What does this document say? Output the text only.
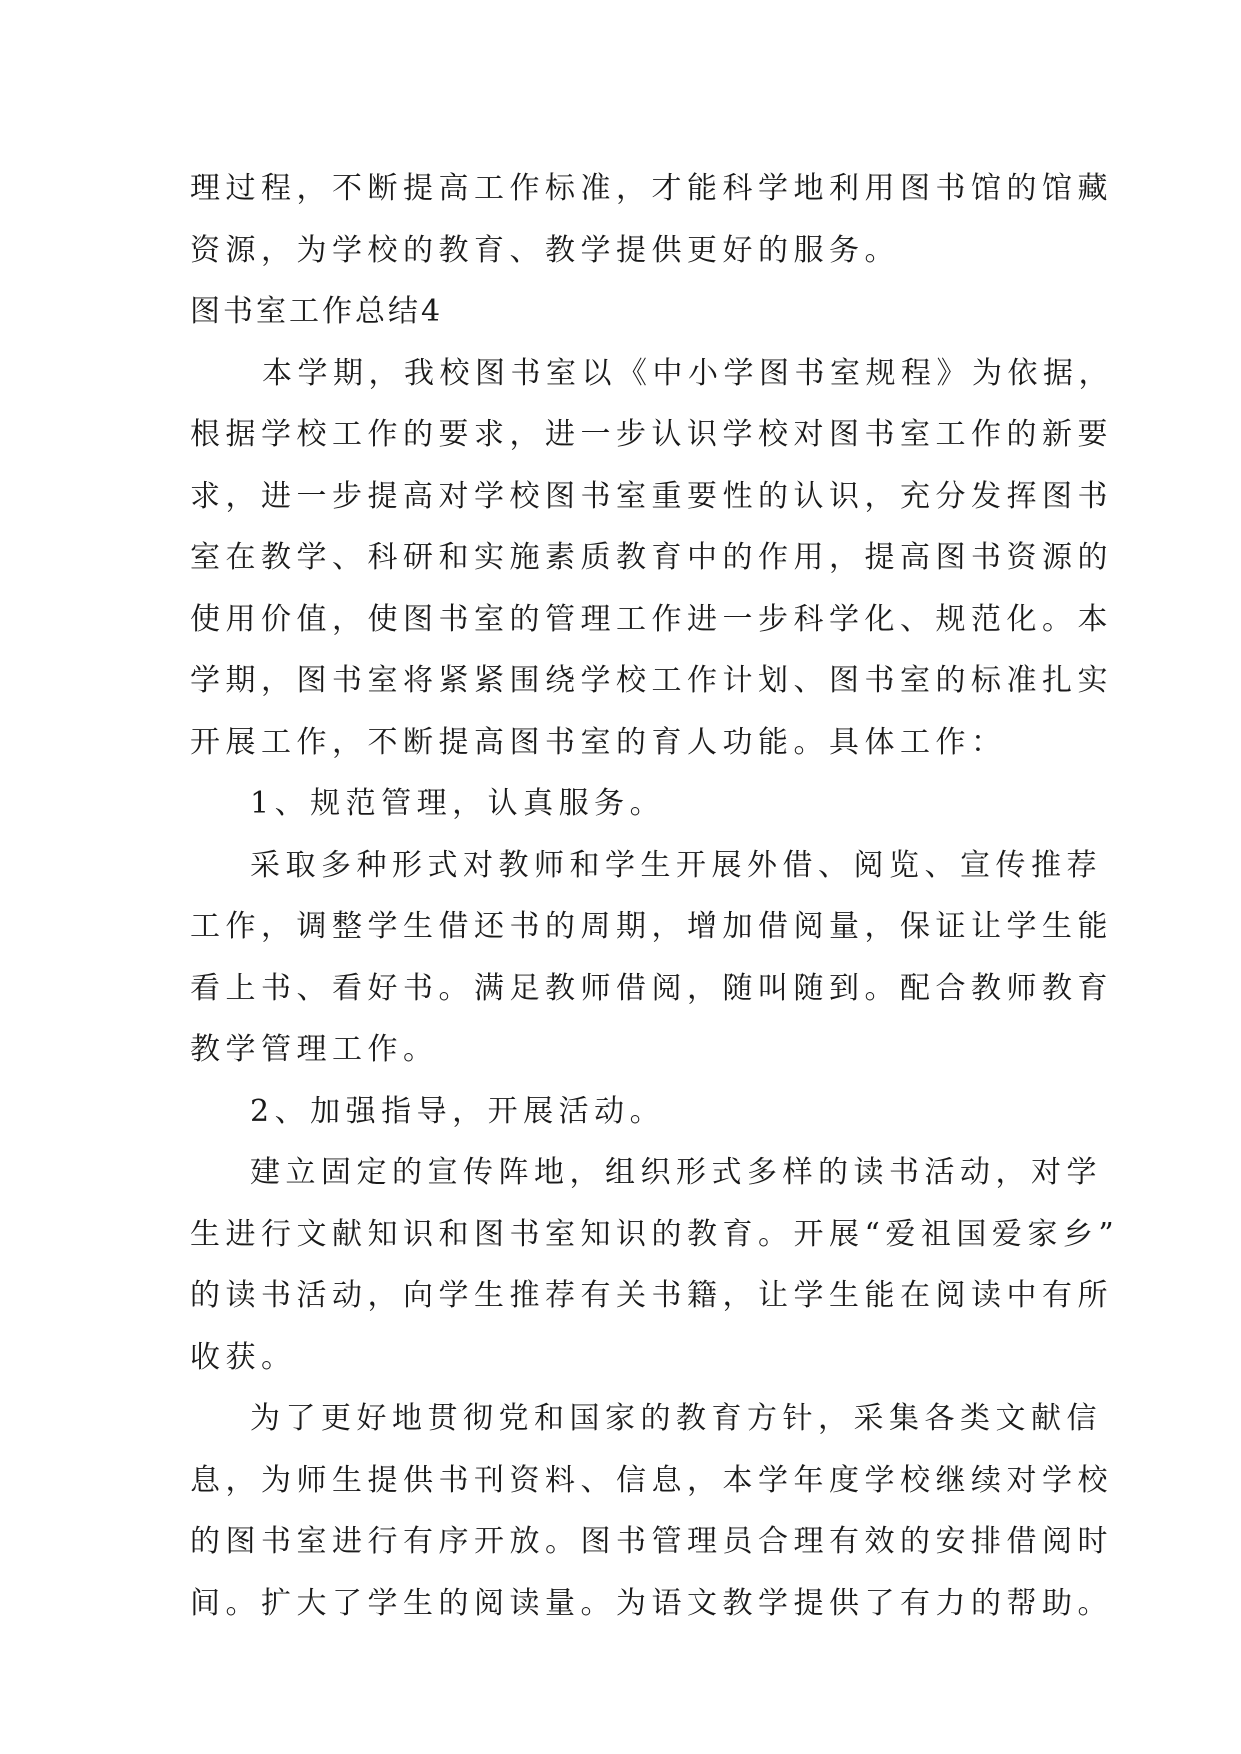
理过程，不断提高工作标准，才能科学地利用图书馆的馆藏
资源，为学校的教育、教学提供更好的服务。
图书室工作总结4
本学期，我校图书室以《中小学图书室规程》为依据，
根据学校工作的要求，进一步认识学校对图书室工作的新要
求，进一步提高对学校图书室重要性的认识，充分发挥图书
室在教学、科研和实施素质教育中的作用，提高图书资源的
使用价值，使图书室的管理工作进一步科学化、规范化。本
学期，图书室将紧紧围绕学校工作计划、图书室的标准扎实
开展工作，不断提高图书室的育人功能。具体工作：
1、规范管理，认真服务。
采取多种形式对教师和学生开展外借、阅览、宣传推荐
工作，调整学生借还书的周期，增加借阅量，保证让学生能
看上书、看好书。满足教师借阅，随叫随到。配合教师教育
教学管理工作。
2、加强指导，开展活动。
建立固定的宣传阵地，组织形式多样的读书活动，对学
生进行文献知识和图书室知识的教育。开展“爱祖国爱家乡”
的读书活动，向学生推荐有关书籍，让学生能在阅读中有所
收获。
为了更好地贯彻党和国家的教育方针，采集各类文献信
息，为师生提供书刊资料、信息，本学年度学校继续对学校
的图书室进行有序开放。图书管理员合理有效的安排借阅时
间。扩大了学生的阅读量。为语文教学提供了有力的帮助。
